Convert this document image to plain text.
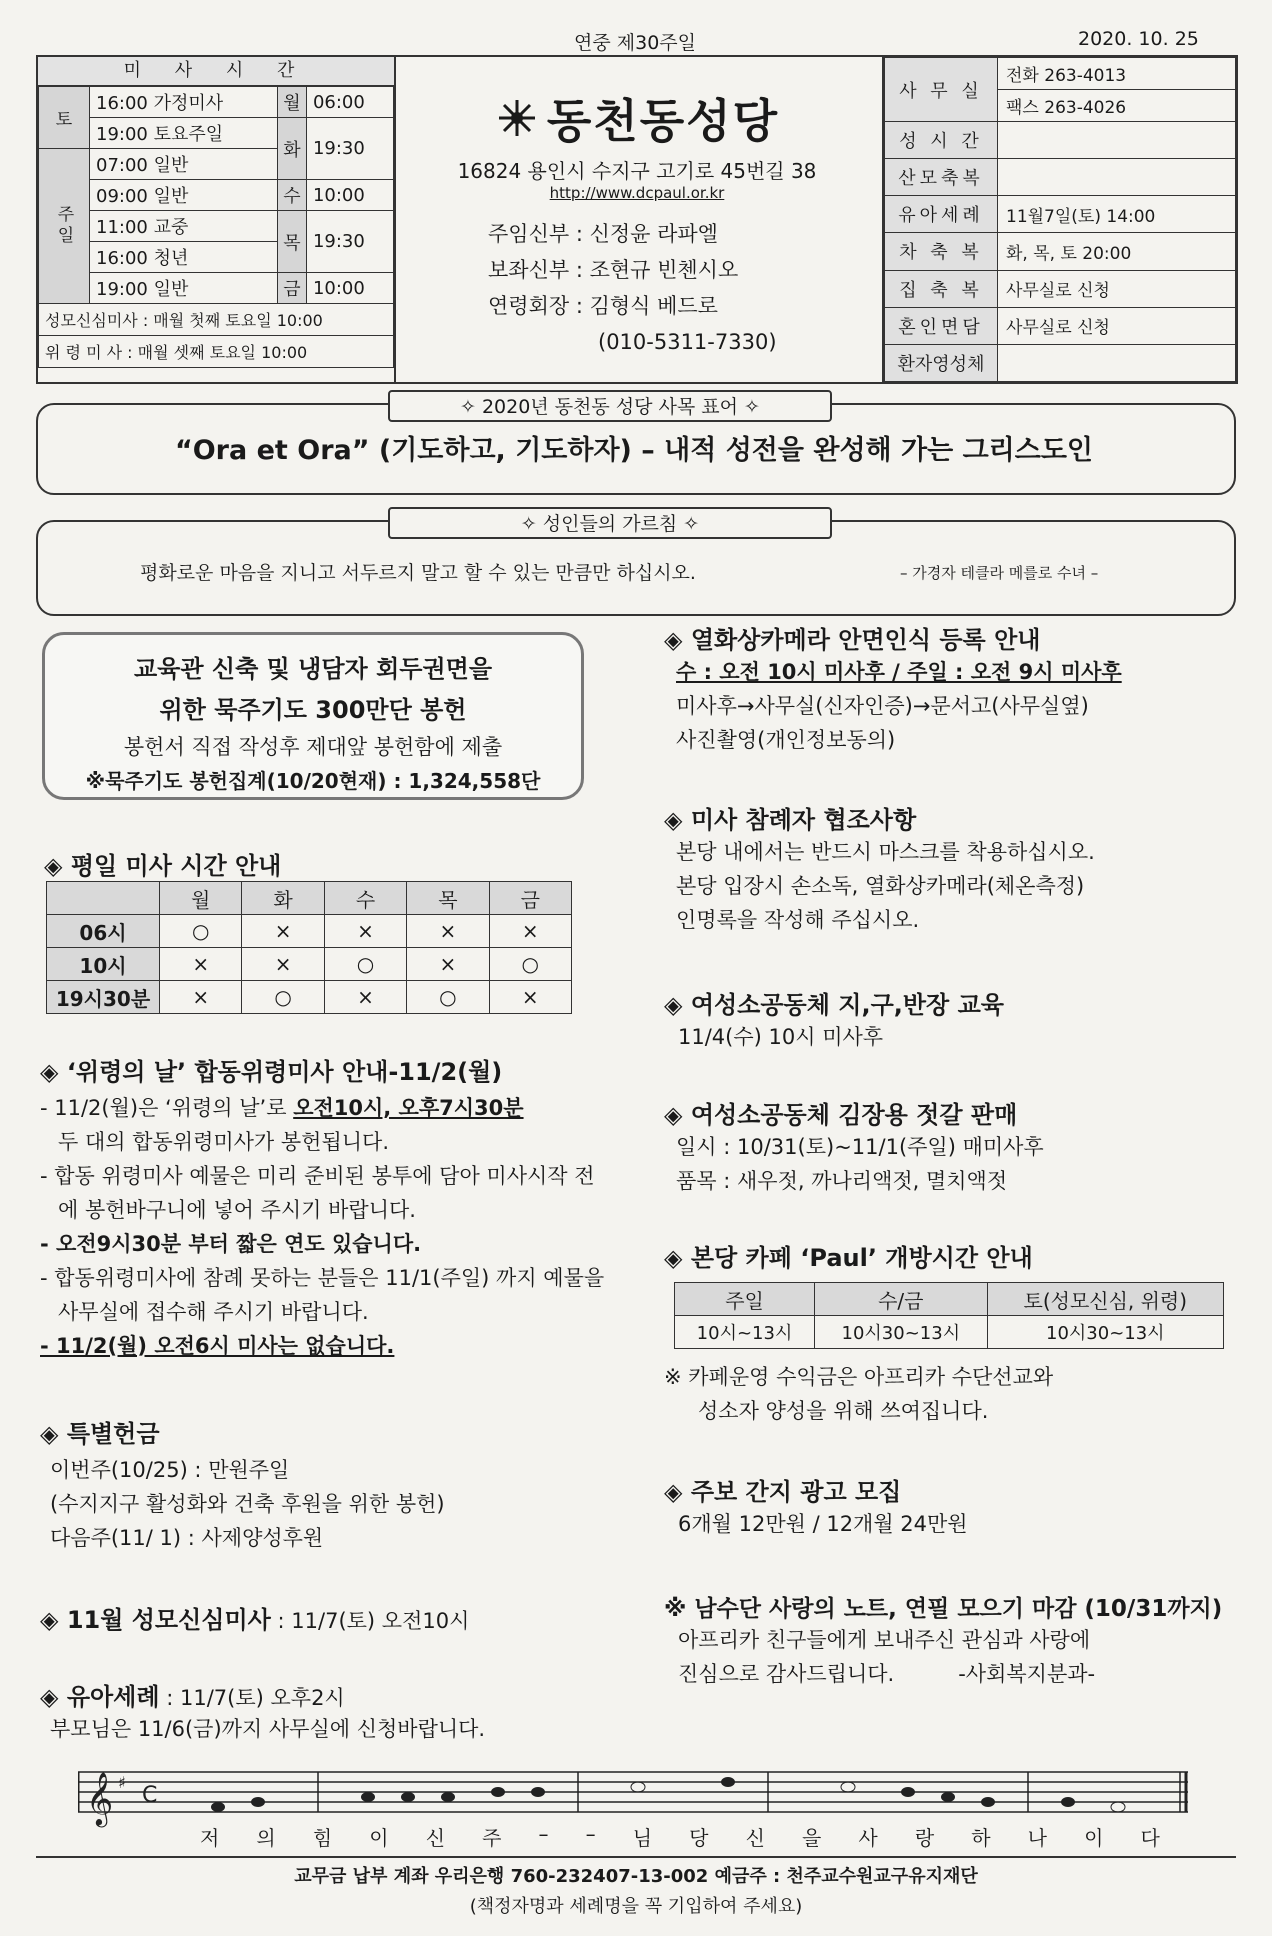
연중 제30주일	2020. 10. 25
미 사 시 간
토	16:00 가정미사	월	06:00
	19:00 토요주일	화	19:30
주일	07:00 일반		
	09:00 일반	수	10:00
	11:00 교중	목	19:30
	16:00 청년		
	19:00 일반	금	10:00
성모신심미사 : 매월 첫째 토요일 10:00			
위 령 미 사 : 매월 셋째 토요일 10:00			
동천동성당
16824 용인시 수지구 고기로 45번길 38
http://www.dcpaul.or.kr
주임신부 : 신정윤 라파엘
보좌신부 : 조현규 빈첸시오
연령회장 : 김형식 베드로
(010-5311-7330)
사 무 실	전화 263-4013
팩스 263-4026

성 시 간	
산모축복	
유아세례	11월7일(토) 14:00
차 축 복	화, 목, 토 20:00
집 축 복	사무실로 신청
혼인면담	사무실로 신청
환자영성체	
✧ 2020년 동천동 성당 사목 표어 ✧
“Ora et Ora” (기도하고, 기도하자) – 내적 성전을 완성해 가는 그리스도인
✧ 성인들의 가르침 ✧
평화로운 마음을 지니고 서두르지 말고 할 수 있는 만큼만 하십시오.	– 가경자 테클라 메를로 수녀 –
교육관 신축 및 냉담자 회두권면을
위한 묵주기도 300만단 봉헌
봉헌서 직접 작성후 제대앞 봉헌함에 제출
※묵주기도 봉헌집계(10/20현재) : 1,324,558단
◈ 평일 미사 시간 안내
	월	화	수	목	금
06시	○	×	×	×	×
10시	×	×	○	×	○
19시30분	×	○	×	○	×
◈ ‘위령의 날’ 합동위령미사 안내-11/2(월)
- 11/2(월)은 ‘위령의 날’로 오전10시, 오후7시30분
두 대의 합동위령미사가 봉헌됩니다.
- 합동 위령미사 예물은 미리 준비된 봉투에 담아 미사시작 전에 봉헌바구니에 넣어 주시기 바랍니다.
- 오전9시30분 부터 짧은 연도 있습니다.
- 합동위령미사에 참례 못하는 분들은 11/1(주일) 까지 예물을 사무실에 접수해 주시기 바랍니다.
- 11/2(월) 오전6시 미사는 없습니다.
◈ 특별헌금
이번주(10/25) : 만원주일
(수지지구 활성화와 건축 후원을 위한 봉헌)
다음주(11/ 1) : 사제양성후원
◈ 11월 성모신심미사 : 11/7(토) 오전10시
◈ 유아세례 : 11/7(토) 오후2시
부모님은 11/6(금)까지 사무실에 신청바랍니다.
◈ 열화상카메라 안면인식 등록 안내
수 : 오전 10시 미사후 / 주일 : 오전 9시 미사후
미사후→사무실(신자인증)→문서고(사무실옆)
사진촬영(개인정보동의)
◈ 미사 참례자 협조사항
본당 내에서는 반드시 마스크를 착용하십시오.
본당 입장시 손소독, 열화상카메라(체온측정)
인명록을 작성해 주십시오.
◈ 여성소공동체 지,구,반장 교육
11/4(수) 10시 미사후
◈ 여성소공동체 김장용 젓갈 판매
일시 : 10/31(토)~11/1(주일) 매미사후
품목 : 새우젓, 까나리액젓, 멸치액젓
◈ 본당 카페 ‘Paul’ 개방시간 안내
주일	수/금	토(성모신심, 위령)
10시~13시	10시30~13시	10시30~13시
※ 카페운영 수익금은 아프리카 수단선교와
성소자 양성을 위해 쓰여집니다.
◈ 주보 간지 광고 모집
6개월 12만원 / 12개월 24만원
※ 남수단 사랑의 노트, 연필 모으기 마감 (10/31까지)
아프리카 친구들에게 보내주신 관심과 사랑에
진심으로 감사드립니다.	-사회복지분과-
𝄞 ♯
C
저 의 힘 이 신 주 – – 님 당 신 을 사 랑 하 나 이 다
교무금 납부 계좌 우리은행 760-232407-13-002 예금주 : 천주교수원교구유지재단
(책정자명과 세례명을 꼭 기입하여 주세요)
